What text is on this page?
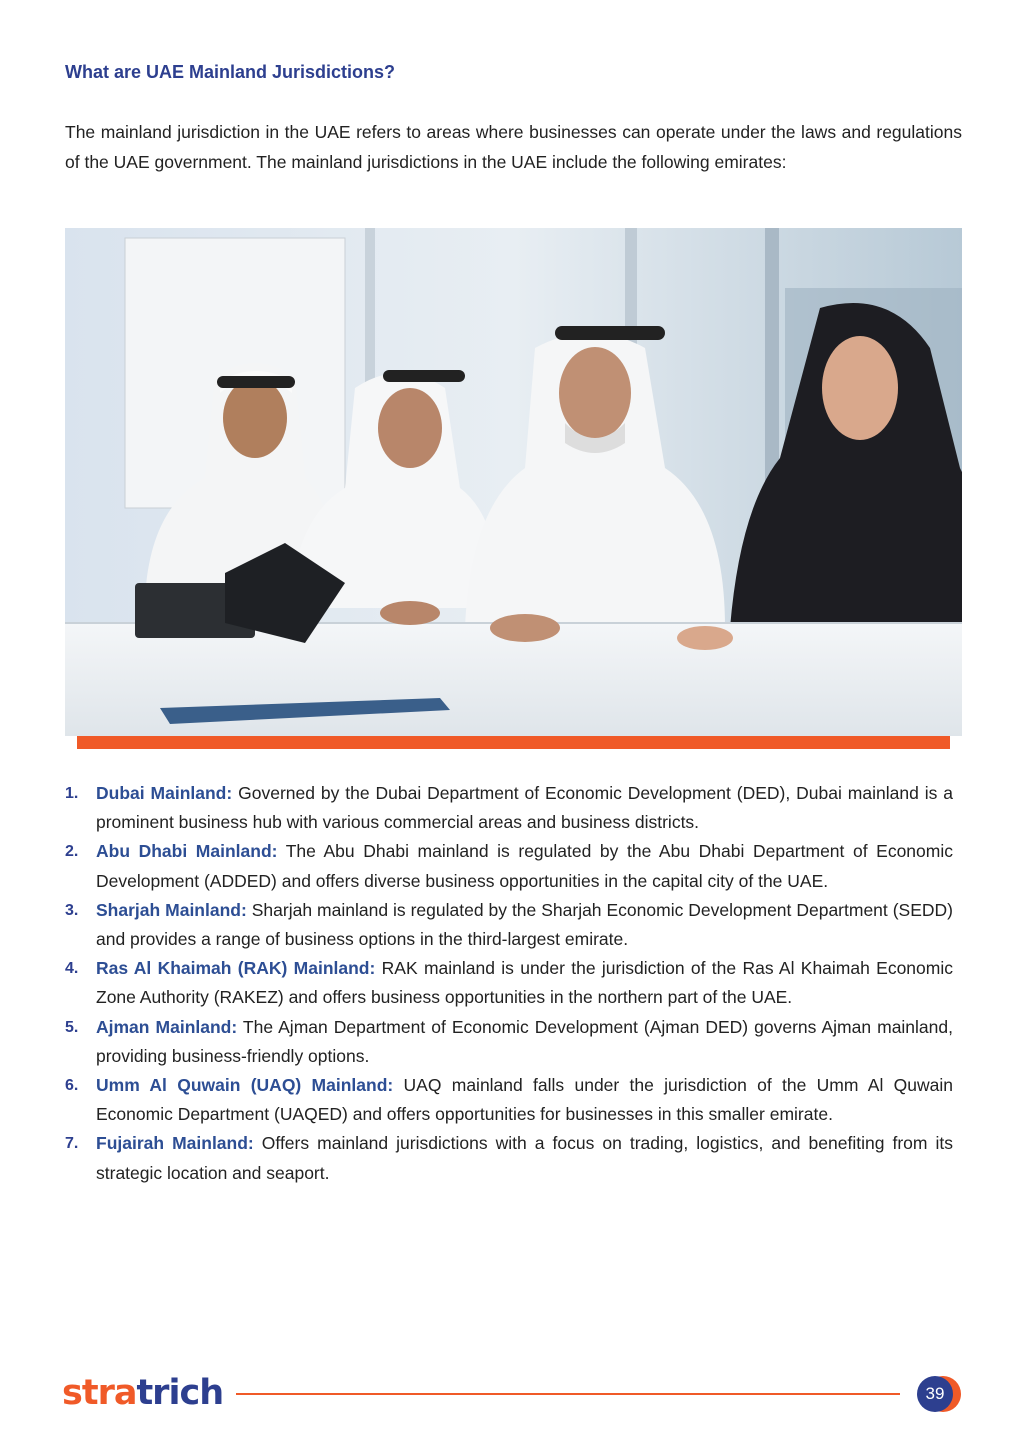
What are UAE Mainland Jurisdictions?

The mainland jurisdiction in the UAE refers to areas where businesses can operate under the laws and regulations of the UAE government. The mainland jurisdictions in the UAE include the following emirates:

1. Dubai Mainland: Governed by the Dubai Department of Economic Development (DED), Dubai mainland is a prominent business hub with various commercial areas and business districts.
2. Abu Dhabi Mainland: The Abu Dhabi mainland is regulated by the Abu Dhabi Department of Economic Development (ADDED) and offers diverse business opportunities in the capital city of the UAE.
3. Sharjah Mainland: Sharjah mainland is regulated by the Sharjah Economic Development Department (SEDD) and provides a range of business options in the third-largest emirate.
4. Ras Al Khaimah (RAK) Mainland: RAK mainland is under the jurisdiction of the Ras Al Khaimah Economic Zone Authority (RAKEZ) and offers business opportunities in the northern part of the UAE.
5. Ajman Mainland: The Ajman Department of Economic Development (Ajman DED) governs Ajman mainland, providing business-friendly options.
6. Umm Al Quwain (UAQ) Mainland: UAQ mainland falls under the jurisdiction of the Umm Al Quwain Economic Department (UAQED) and offers opportunities for businesses in this smaller emirate.
7. Fujairah Mainland: Offers mainland jurisdictions with a focus on trading, logistics, and benefiting from its strategic location and seaport.
stratrich	39
